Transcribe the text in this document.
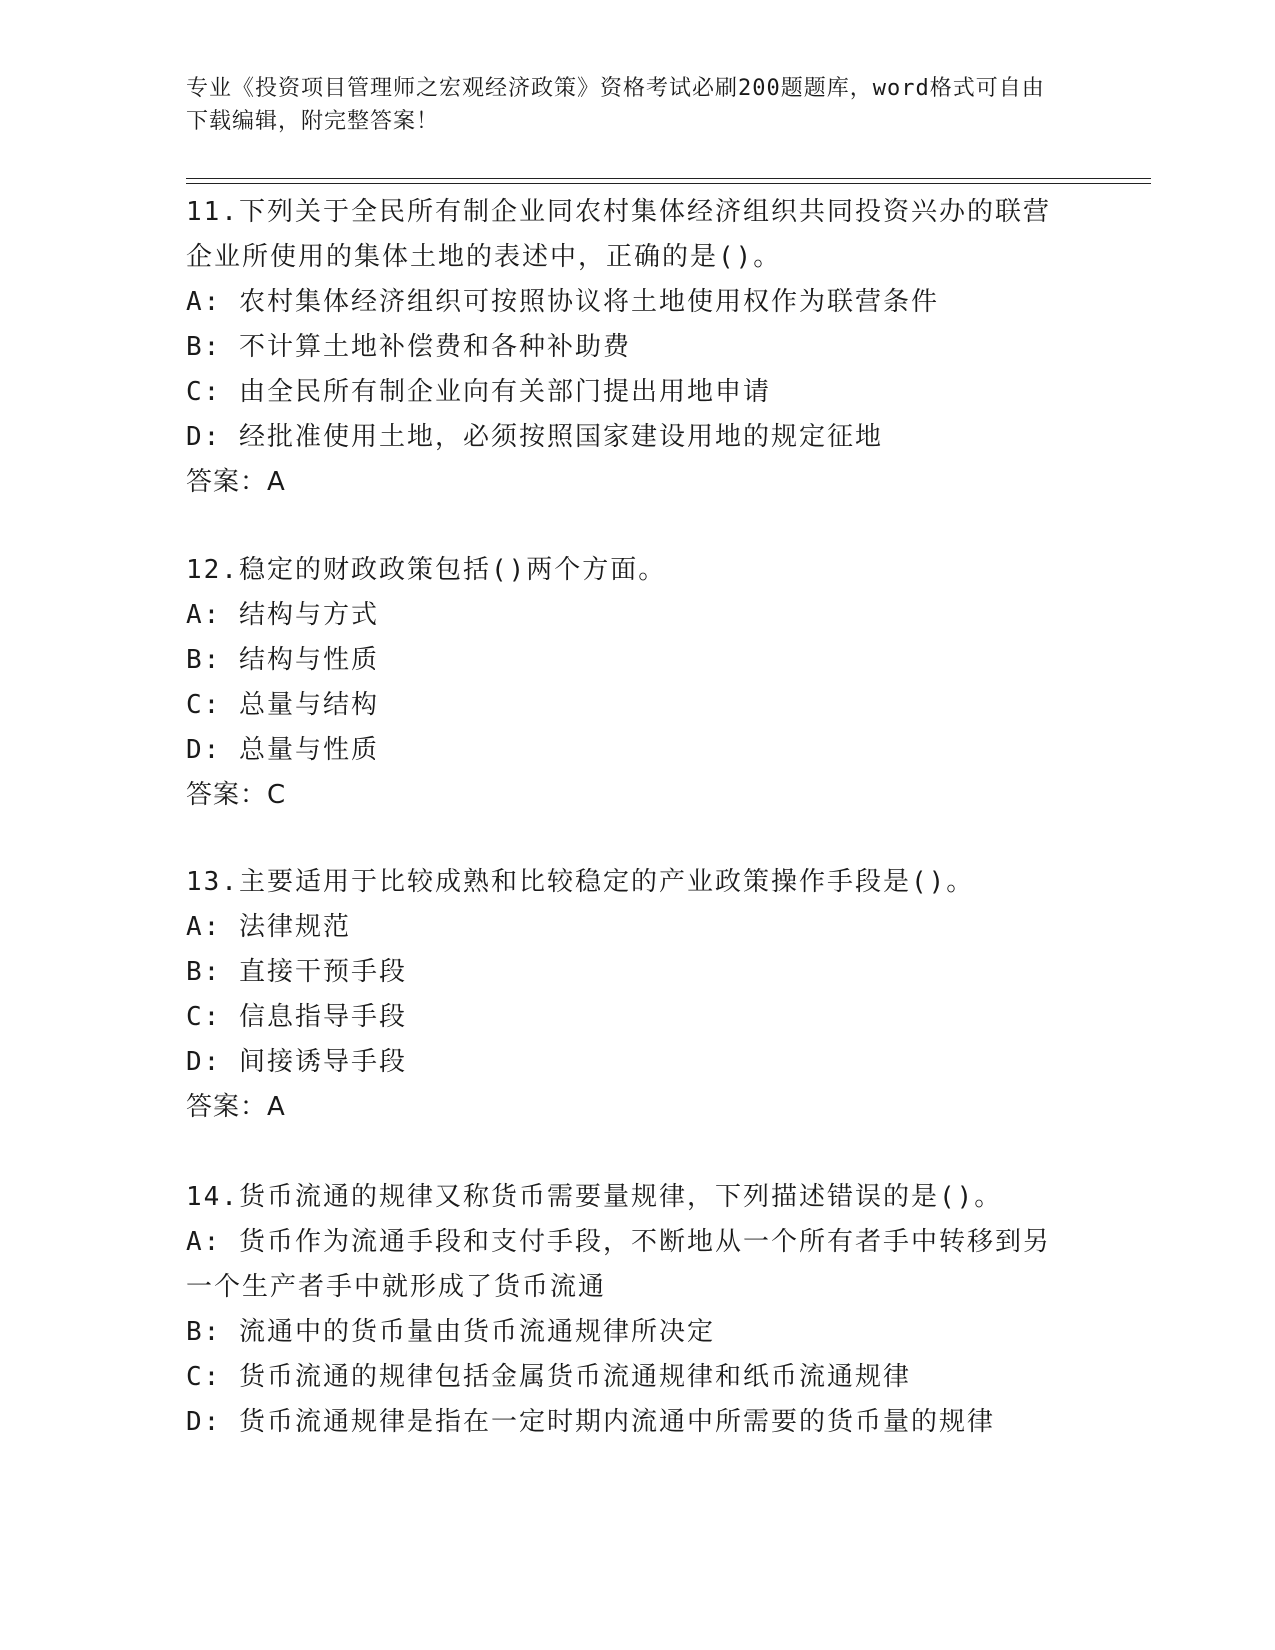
专业《投资项目管理师之宏观经济政策》资格考试必刷200题题库，word格式可自由下载编辑，附完整答案！
11.下列关于全民所有制企业同农村集体经济组织共同投资兴办的联营企业所使用的集体土地的表述中，正确的是()。
A: 农村集体经济组织可按照协议将土地使用权作为联营条件
B: 不计算土地补偿费和各种补助费
C: 由全民所有制企业向有关部门提出用地申请
D: 经批准使用土地，必须按照国家建设用地的规定征地
答案：A
12.稳定的财政政策包括()两个方面。
A: 结构与方式
B: 结构与性质
C: 总量与结构
D: 总量与性质
答案：C
13.主要适用于比较成熟和比较稳定的产业政策操作手段是()。
A: 法律规范
B: 直接干预手段
C: 信息指导手段
D: 间接诱导手段
答案：A
14.货币流通的规律又称货币需要量规律，下列描述错误的是()。
A: 货币作为流通手段和支付手段，不断地从一个所有者手中转移到另一个生产者手中就形成了货币流通
B: 流通中的货币量由货币流通规律所决定
C: 货币流通的规律包括金属货币流通规律和纸币流通规律
D: 货币流通规律是指在一定时期内流通中所需要的货币量的规律
